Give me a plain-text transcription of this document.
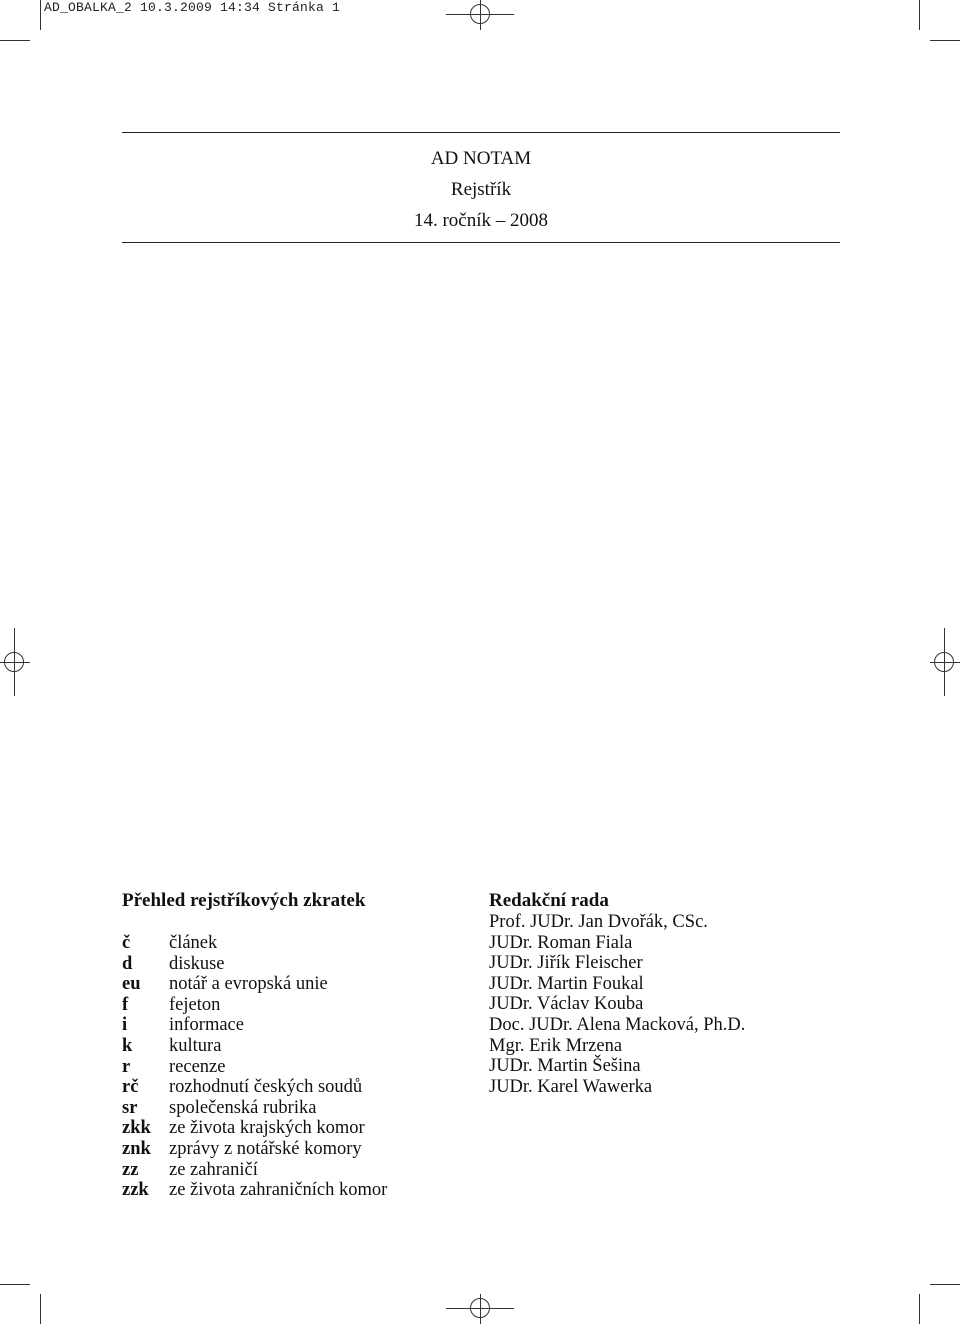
AD_OBALKA_2 10.3.2009 14:34 Stránka 1
AD NOTAM
Rejstřík
14. ročník – 2008
Přehled rejstříkových zkratek
č článek
d diskuse
eu notář a evropská unie
f fejeton
i informace
k kultura
r recenze
rč rozhodnutí českých soudů
sr společenská rubrika
zkk ze života krajských komor
znk zprávy z notářské komory
zz ze zahraničí
zzk ze života zahraničních komor
Redakční rada
Prof. JUDr. Jan Dvořák, CSc.
JUDr. Roman Fiala
JUDr. Jiřík Fleischer
JUDr. Martin Foukal
JUDr. Václav Kouba
Doc. JUDr. Alena Macková, Ph.D.
Mgr. Erik Mrzena
JUDr. Martin Šešina
JUDr. Karel Wawerka
